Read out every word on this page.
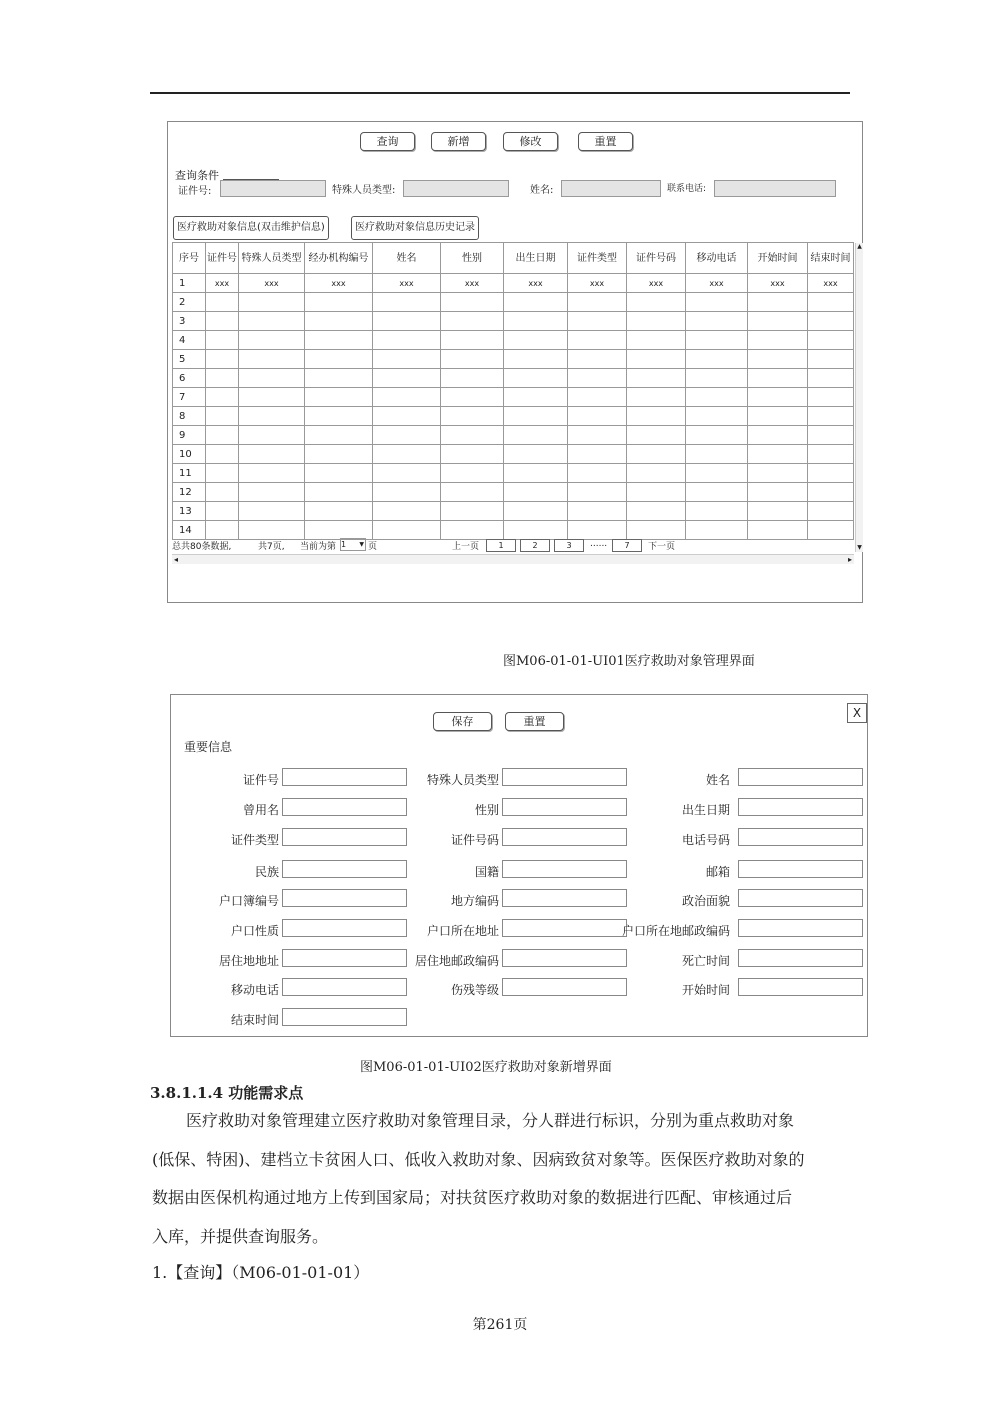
查询	新增	修改	重置
查询条件
证件号:	特殊人员类型:	姓名:	联系电话:
医疗救助对象信息(双击维护信息)	医疗救助对象信息历史记录
序号	证件号	特殊人员类型	经办机构编号	姓名	性别	出生日期	证件类型	证件号码	移动电话	开始时间	结束时间
1	xxx	xxx	xxx	xxx	xxx	xxx	xxx	xxx	xxx	xxx	xxx
2											
3											
4											
5											
6											
7											
8											
9											
10											
11											
12											
13											
14											
▲
▼
总共80条数据,	共7页, 当前为第 1 ▼ 页	上一页	1	2	3	......	7	下一页
◂	▸
图M06-01-01-UI01医疗救助对象管理界面
保存	重置
X
重要信息
证件号	特殊人员类型	姓名
曾用名	性别	出生日期
证件类型	证件号码	电话号码
民族	国籍	邮箱
户口簿编号	地方编码	政治面貌
户口性质	户口所在地址	户口所在地邮政编码
居住地地址	居住地邮政编码	死亡时间
移动电话	伤残等级	开始时间
结束时间
图M06-01-01-UI02医疗救助对象新增界面
3.8.1.1.4 功能需求点

医疗救助对象管理建立医疗救助对象管理目录，分人群进行标识，分别为重点救助对象

(低保、特困)、建档立卡贫困人口、低收入救助对象、因病致贫对象等。医保医疗救助对象的

数据由医保机构通过地方上传到国家局；对扶贫医疗救助对象的数据进行匹配、审核通过后

入库，并提供查询服务。

1.【查询】（M06-01-01-01）
第261页
